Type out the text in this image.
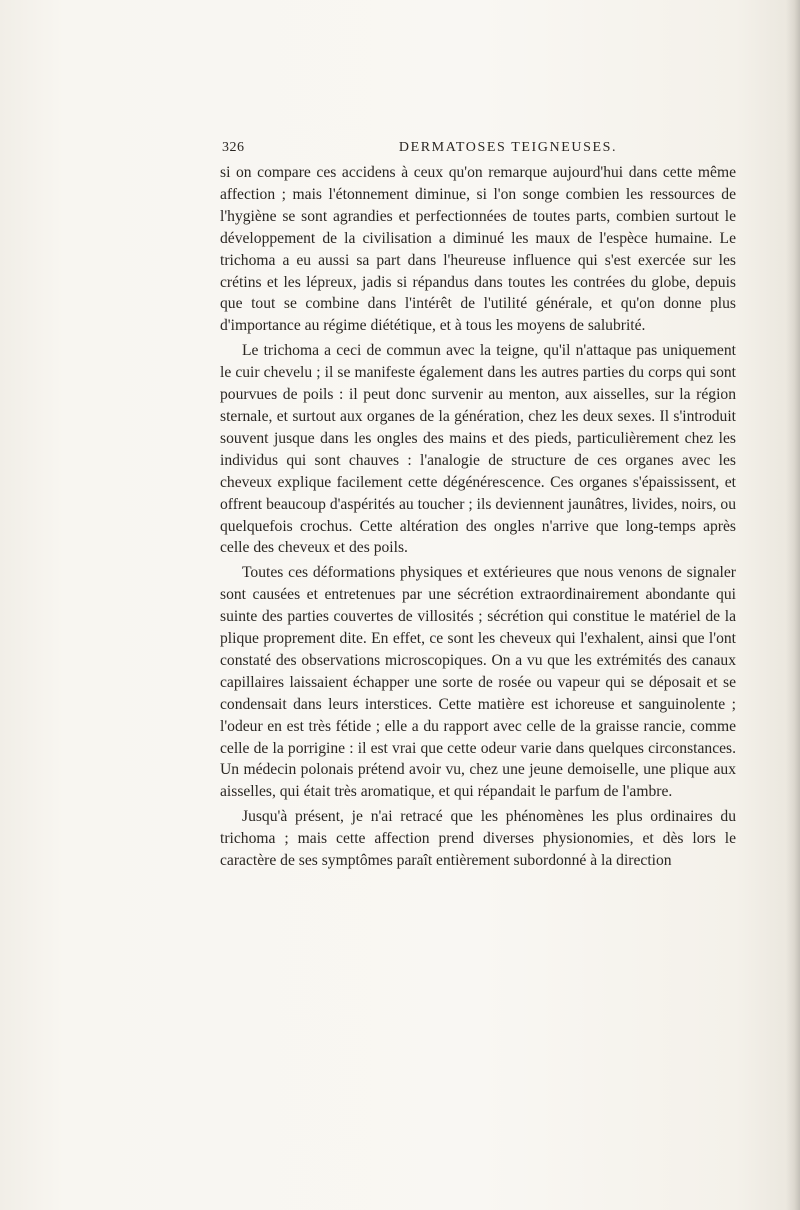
326	DERMATOSES TEIGNEUSES.

si on compare ces accidens à ceux qu'on remarque aujourd'hui dans cette même affection ; mais l'étonnement diminue, si l'on songe combien les ressources de l'hygiène se sont agrandies et perfectionnées de toutes parts, combien surtout le développement de la civilisation a diminué les maux de l'espèce humaine. Le trichoma a eu aussi sa part dans l'heureuse influence qui s'est exercée sur les crétins et les lépreux, jadis si répandus dans toutes les contrées du globe, depuis que tout se combine dans l'intérêt de l'utilité générale, et qu'on donne plus d'importance au régime diététique, et à tous les moyens de salubrité.

Le trichoma a ceci de commun avec la teigne, qu'il n'attaque pas uniquement le cuir chevelu ; il se manifeste également dans les autres parties du corps qui sont pourvues de poils : il peut donc survenir au menton, aux aisselles, sur la région sternale, et surtout aux organes de la génération, chez les deux sexes. Il s'introduit souvent jusque dans les ongles des mains et des pieds, particulièrement chez les individus qui sont chauves : l'analogie de structure de ces organes avec les cheveux explique facilement cette dégénérescence. Ces organes s'épaississent, et offrent beaucoup d'aspérités au toucher ; ils deviennent jaunâtres, livides, noirs, ou quelquefois crochus. Cette altération des ongles n'arrive que long-temps après celle des cheveux et des poils.

Toutes ces déformations physiques et extérieures que nous venons de signaler sont causées et entretenues par une sécrétion extraordinairement abondante qui suinte des parties couvertes de villosités ; sécrétion qui constitue le matériel de la plique proprement dite. En effet, ce sont les cheveux qui l'exhalent, ainsi que l'ont constaté des observations microscopiques. On a vu que les extrémités des canaux capillaires laissaient échapper une sorte de rosée ou vapeur qui se déposait et se condensait dans leurs interstices. Cette matière est ichoreuse et sanguinolente ; l'odeur en est très fétide ; elle a du rapport avec celle de la graisse rancie, comme celle de la porrigine : il est vrai que cette odeur varie dans quelques circonstances. Un médecin polonais prétend avoir vu, chez une jeune demoiselle, une plique aux aisselles, qui était très aromatique, et qui répandait le parfum de l'ambre.

Jusqu'à présent, je n'ai retracé que les phénomènes les plus ordinaires du trichoma ; mais cette affection prend diverses physionomies, et dès lors le caractère de ses symptômes paraît entièrement subordonné à la direction
